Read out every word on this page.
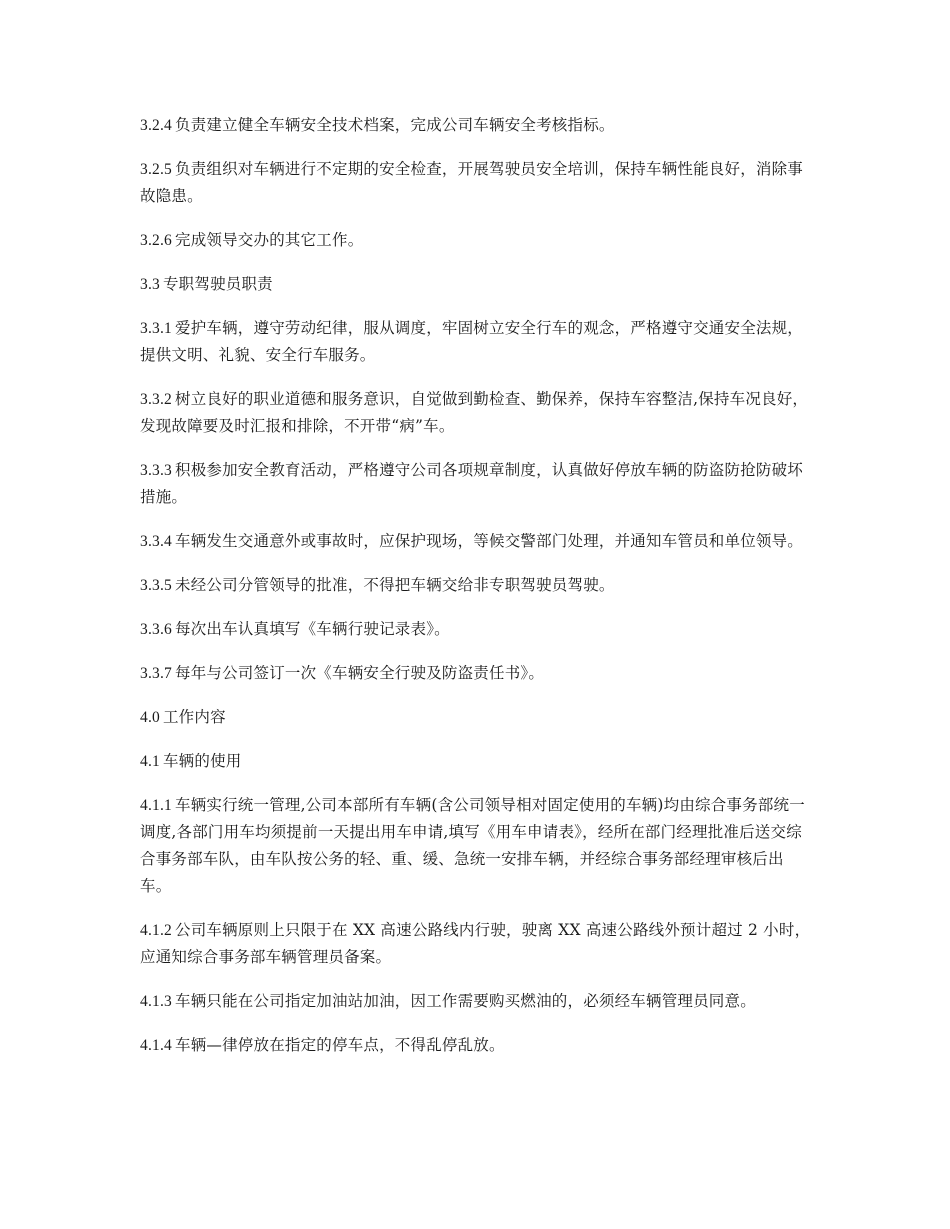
3.2.4 负责建立健全车辆安全技术档案，完成公司车辆安全考核指标。

3.2.5 负责组织对车辆进行不定期的安全检查，开展驾驶员安全培训，保持车辆性能良好，消除事故隐患。

3.2.6 完成领导交办的其它工作。

3.3 专职驾驶员职责

3.3.1 爱护车辆，遵守劳动纪律，服从调度，牢固树立安全行车的观念，严格遵守交通安全法规，提供文明、礼貌、安全行车服务。

3.3.2 树立良好的职业道德和服务意识，自觉做到勤检查、勤保养，保持车容整洁,保持车况良好，发现故障要及时汇报和排除，不开带“病”车。

3.3.3 积极参加安全教育活动，严格遵守公司各项规章制度，认真做好停放车辆的防盗防抢防破坏措施。

3.3.4 车辆发生交通意外或事故时，应保护现场，等候交警部门处理，并通知车管员和单位领导。

3.3.5 未经公司分管领导的批准，不得把车辆交给非专职驾驶员驾驶。

3.3.6 每次出车认真填写《车辆行驶记录表》。

3.3.7 每年与公司签订一次《车辆安全行驶及防盗责任书》。

4.0 工作内容

4.1 车辆的使用

4.1.1 车辆实行统一管理,公司本部所有车辆(含公司领导相对固定使用的车辆)均由综合事务部统一调度,各部门用车均须提前一天提出用车申请,填写《用车申请表》，经所在部门经理批准后送交综合事务部车队，由车队按公务的轻、重、缓、急统一安排车辆，并经综合事务部经理审核后出车。

4.1.2 公司车辆原则上只限于在 XX 高速公路线内行驶，驶离 XX 高速公路线外预计超过 2 小时，应通知综合事务部车辆管理员备案。

4.1.3 车辆只能在公司指定加油站加油，因工作需要购买燃油的，必须经车辆管理员同意。

4.1.4 车辆—律停放在指定的停车点，不得乱停乱放。
